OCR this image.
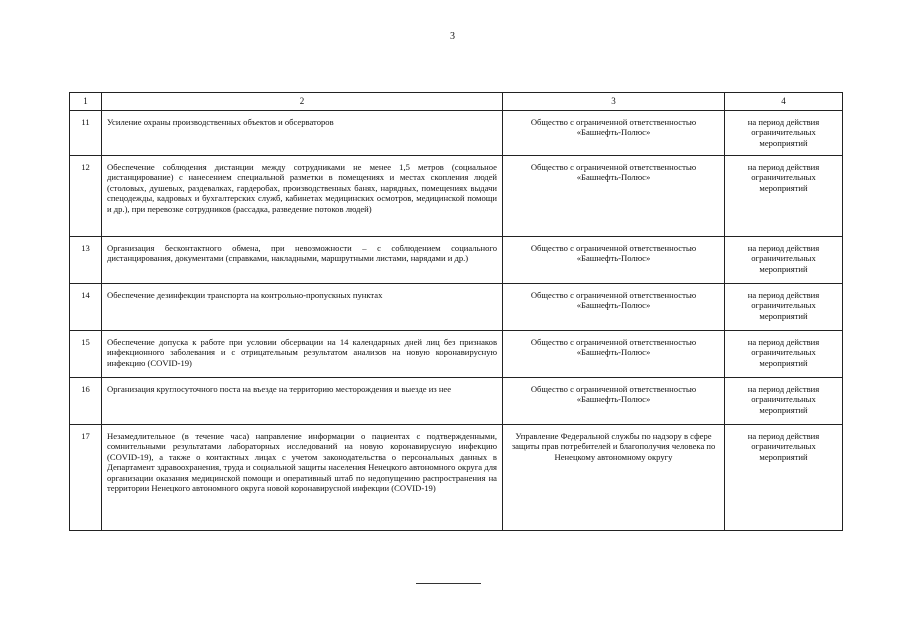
3
1	2	3	4
11	Усиление охраны производственных объектов и обсерваторов	Общество с ограниченной ответственностью «Башнефть-Полюс»	на период действия ограничительных мероприятий
12	Обеспечение соблюдения дистанции между сотрудниками не менее 1,5 метров (социальное дистанцирование) с нанесением специальной разметки в помещениях и местах скопления людей (столовых, душевых, раздевалках, гардеробах, производственных банях, нарядных, помещениях выдачи спецодежды, кадровых и бухгалтерских служб, кабинетах медицинских осмотров, медицинской помощи и др.), при перевозке сотрудников (рассадка, разведение потоков людей)	Общество с ограниченной ответственностью «Башнефть-Полюс»	на период действия ограничительных мероприятий
13	Организация бесконтактного обмена, при невозможности – с соблюдением социального дистанцирования, документами (справками, накладными, маршрутными листами, нарядами и др.)	Общество с ограниченной ответственностью «Башнефть-Полюс»	на период действия ограничительных мероприятий
14	Обеспечение дезинфекции транспорта на контрольно-пропускных пунктах	Общество с ограниченной ответственностью «Башнефть-Полюс»	на период действия ограничительных мероприятий
15	Обеспечение допуска к работе при условии обсервации на 14 календарных дней лиц без признаков инфекционного заболевания и с отрицательным результатом анализов на новую коронавирусную инфекцию (COVID-19)	Общество с ограниченной ответственностью «Башнефть-Полюс»	на период действия ограничительных мероприятий
16	Организация круглосуточного поста на въезде на территорию месторождения и выезде из нее	Общество с ограниченной ответственностью «Башнефть-Полюс»	на период действия ограничительных мероприятий
17	Незамедлительное (в течение часа) направление информации о пациентах с подтвержденными, сомнительными результатами лабораторных исследований на новую коронавирусную инфекцию (COVID-19), а также о контактных лицах с учетом законодательства о персональных данных в Департамент здравоохранения, труда и социальной защиты населения Ненецкого автономного округа для организации оказания медицинской помощи и оперативный штаб по недопущению распространения на территории Ненецкого автономного округа новой коронавирусной инфекции (COVID-19)	Управление Федеральной службы по надзору в сфере защиты прав потребителей и благополучия человека по Ненецкому автономному округу	на период действия ограничительных мероприятий
